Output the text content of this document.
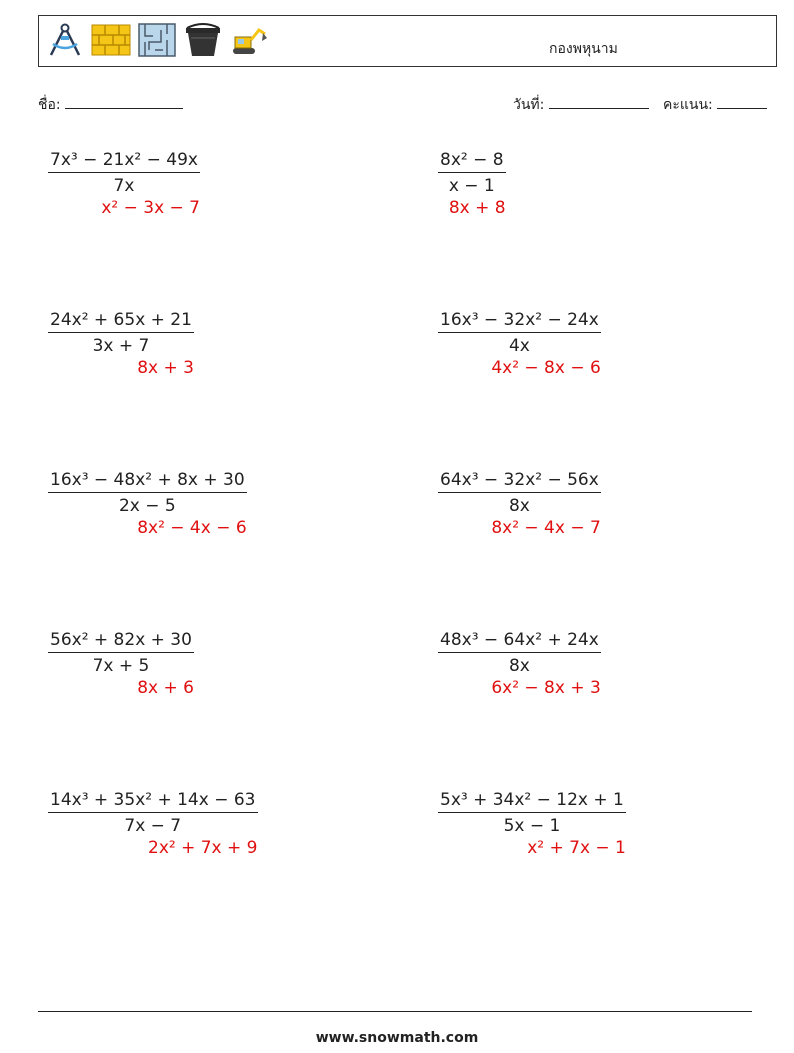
กองพหุนาม
ชื่อ:	วันที่:	คะแนน:
7x³ − 21x² − 49x
7x
x² − 3x − 7
8x² − 8
x − 1
8x + 8
24x² + 65x + 21
3x + 7
8x + 3
16x³ − 32x² − 24x
4x
4x² − 8x − 6
16x³ − 48x² + 8x + 30
2x − 5
8x² − 4x − 6
64x³ − 32x² − 56x
8x
8x² − 4x − 7
56x² + 82x + 30
7x + 5
8x + 6
48x³ − 64x² + 24x
8x
6x² − 8x + 3
14x³ + 35x² + 14x − 63
7x − 7
2x² + 7x + 9
5x³ + 34x² − 12x + 1
5x − 1
x² + 7x − 1
www.snowmath.com
